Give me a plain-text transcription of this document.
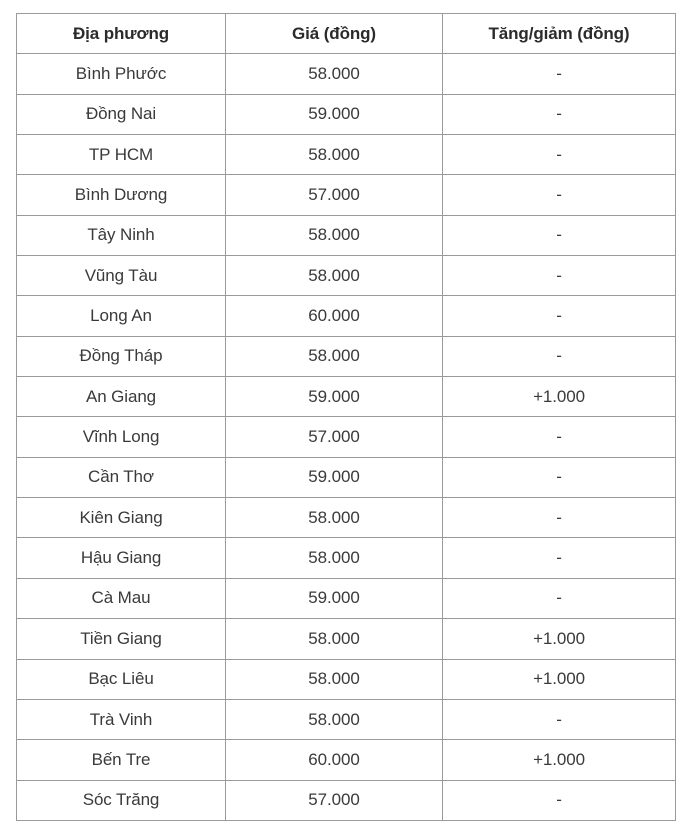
Địa phương	Giá (đồng)	Tăng/giảm (đồng)
Bình Phước	58.000	-
Đồng Nai	59.000	-
TP HCM	58.000	-
Bình Dương	57.000	-
Tây Ninh	58.000	-
Vũng Tàu	58.000	-
Long An	60.000	-
Đồng Tháp	58.000	-
An Giang	59.000	+1.000
Vĩnh Long	57.000	-
Cần Thơ	59.000	-
Kiên Giang	58.000	-
Hậu Giang	58.000	-
Cà Mau	59.000	-
Tiền Giang	58.000	+1.000
Bạc Liêu	58.000	+1.000
Trà Vinh	58.000	-
Bến Tre	60.000	+1.000
Sóc Trăng	57.000	-
